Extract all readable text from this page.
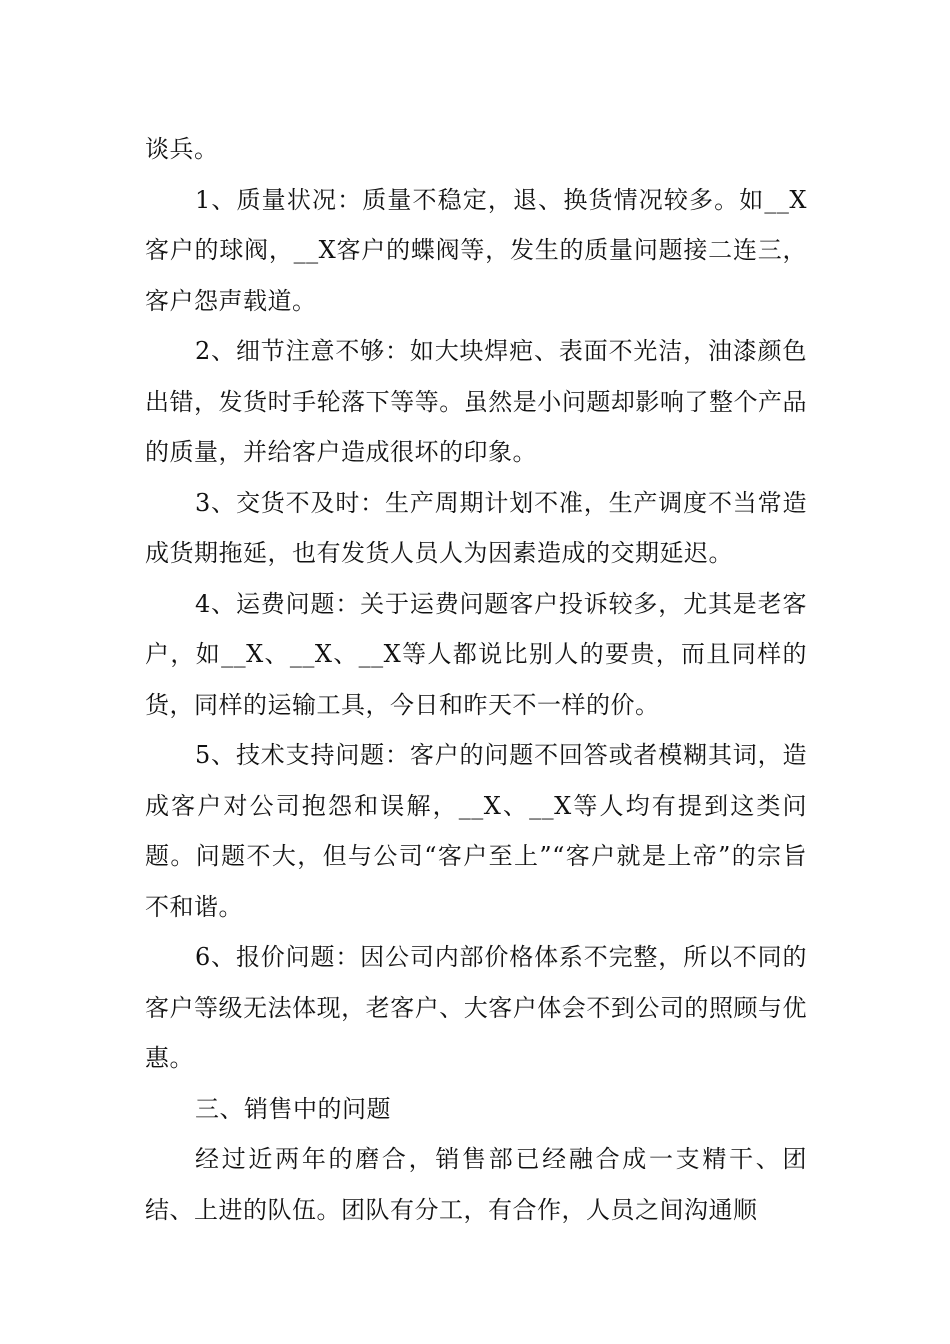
谈兵。

1、质量状况：质量不稳定，退、换货情况较多。如__X客户的球阀，__X客户的蝶阀等，发生的质量问题接二连三，客户怨声载道。

2、细节注意不够：如大块焊疤、表面不光洁，油漆颜色出错，发货时手轮落下等等。虽然是小问题却影响了整个产品的质量，并给客户造成很坏的印象。

3、交货不及时：生产周期计划不准，生产调度不当常造成货期拖延，也有发货人员人为因素造成的交期延迟。

4、运费问题：关于运费问题客户投诉较多，尤其是老客户，如__X、__X、__X等人都说比别人的要贵，而且同样的货，同样的运输工具，今日和昨天不一样的价。

5、技术支持问题：客户的问题不回答或者模糊其词，造成客户对公司抱怨和误解，__X、__X等人均有提到这类问题。问题不大，但与公司“客户至上”“客户就是上帝”的宗旨不和谐。

6、报价问题：因公司内部价格体系不完整，所以不同的客户等级无法体现，老客户、大客户体会不到公司的照顾与优惠。

三、销售中的问题

经过近两年的磨合，销售部已经融合成一支精干、团结、上进的队伍。团队有分工，有合作，人员之间沟通顺
